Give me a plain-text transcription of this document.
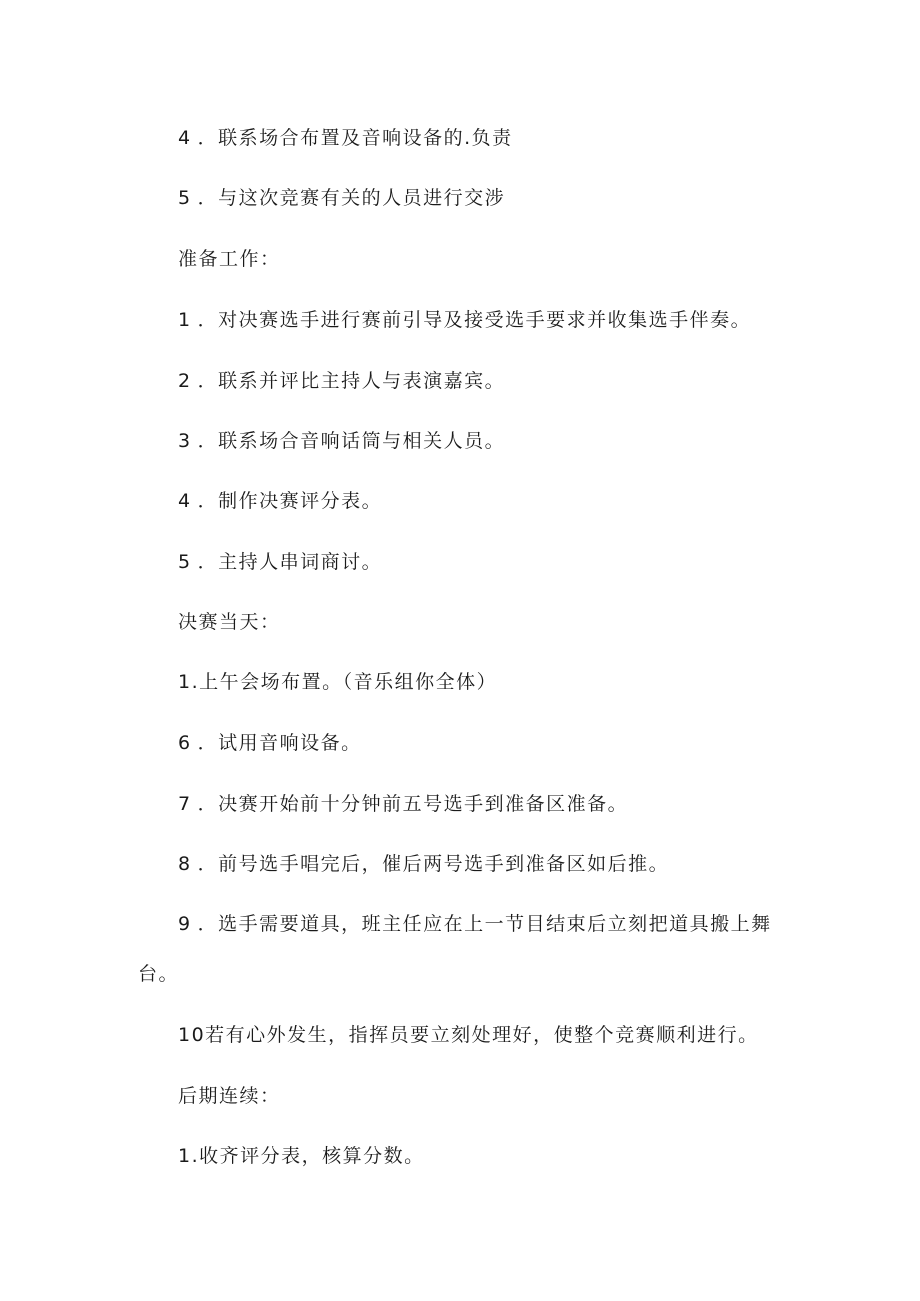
4 ．联系场合布置及音响设备的.负责
5 ．与这次竞赛有关的人员进行交涉
准备工作：
1 ．对决赛选手进行赛前引导及接受选手要求并收集选手伴奏。
2 ．联系并评比主持人与表演嘉宾。
3 ．联系场合音响话筒与相关人员。
4 ．制作决赛评分表。
5 ．主持人串词商讨。
决赛当天：
1.上午会场布置。（音乐组你全体）
6 ．试用音响设备。
7 ．决赛开始前十分钟前五号选手到准备区准备。
8 ．前号选手唱完后，催后两号选手到准备区如后推。
9 ．选手需要道具，班主任应在上一节目结束后立刻把道具搬上舞
台。
10若有心外发生，指挥员要立刻处理好，使整个竞赛顺利进行。
后期连续：
1.收齐评分表，核算分数。
